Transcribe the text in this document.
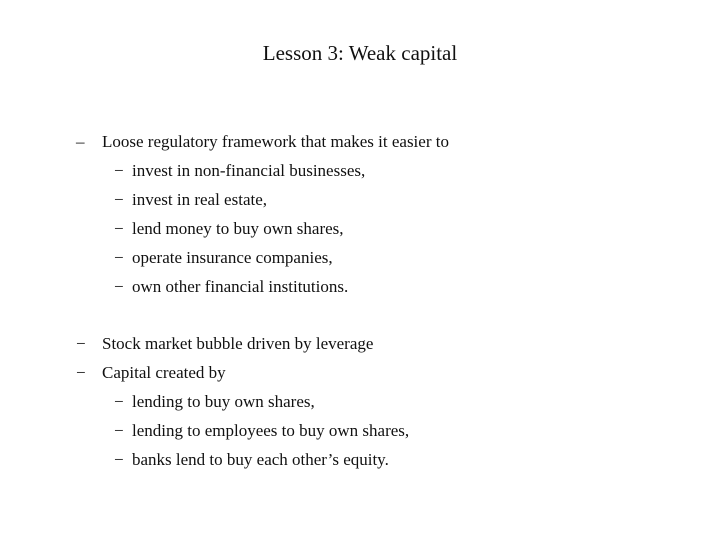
Lesson 3: Weak capital
– Loose regulatory framework that makes it easier to
− invest in non-financial businesses,
− invest in real estate,
− lend money to buy own shares,
− operate insurance companies,
− own other financial institutions.
− Stock market bubble driven by leverage
− Capital created by
− lending to buy own shares,
− lending to employees to buy own shares,
− banks lend to buy each other’s equity.
